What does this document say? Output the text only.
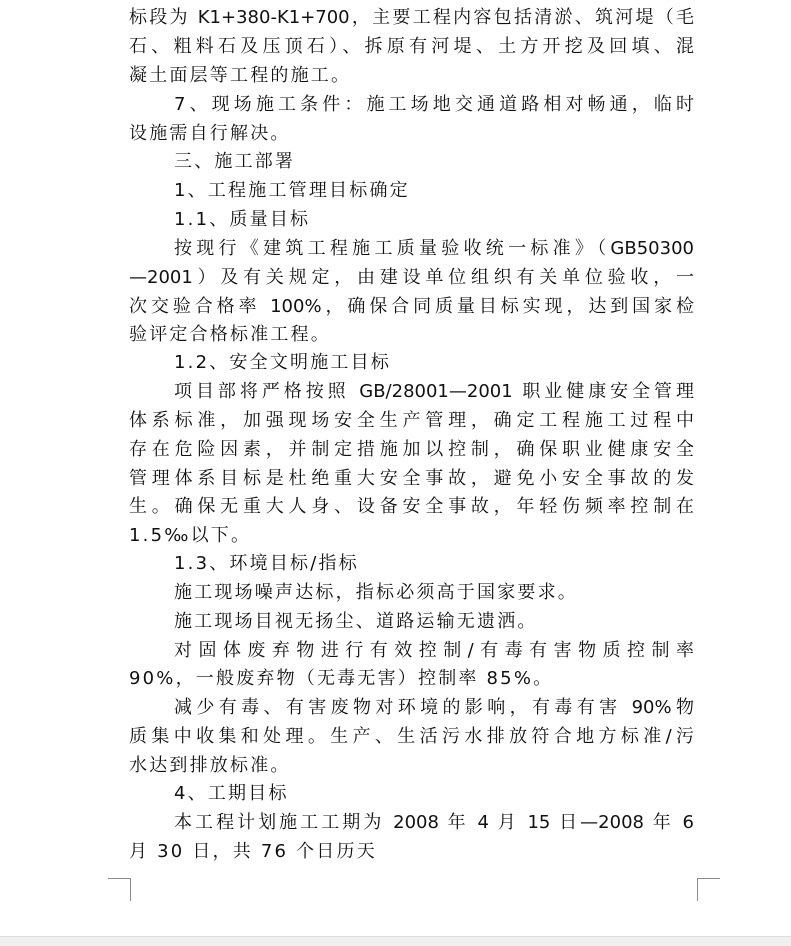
标段为 K1+380-K1+700，主要工程内容包括清淤、筑河堤（毛
石、粗料石及压顶石）、拆原有河堤、土方开挖及回填、混
凝土面层等工程的施工。
7、现场施工条件：施工场地交通道路相对畅通，临时
设施需自行解决。
三、施工部署
1、工程施工管理目标确定
1.1、质量目标
按现行《建筑工程施工质量验收统一标准》（GB50300
—2001）及有关规定，由建设单位组织有关单位验收，一
次交验合格率 100%，确保合同质量目标实现，达到国家检
验评定合格标准工程。
1.2、安全文明施工目标
项目部将严格按照 GB/28001—2001 职业健康安全管理
体系标准，加强现场安全生产管理，确定工程施工过程中
存在危险因素，并制定措施加以控制，确保职业健康安全
管理体系目标是杜绝重大安全事故，避免小安全事故的发
生。确保无重大人身、设备安全事故，年轻伤频率控制在
1.5‰以下。
1.3、环境目标/指标
施工现场噪声达标，指标必须高于国家要求。
施工现场目视无扬尘、道路运输无遗洒。
对固体废弃物进行有效控制/有毒有害物质控制率
90%，一般废弃物（无毒无害）控制率 85%。
减少有毒、有害废物对环境的影响，有毒有害 90%物
质集中收集和处理。生产、生活污水排放符合地方标准/污
水达到排放标准。
4、工期目标
本工程计划施工工期为 2008 年 4 月 15 日—2008 年 6
月 30 日，共 76 个日历天
